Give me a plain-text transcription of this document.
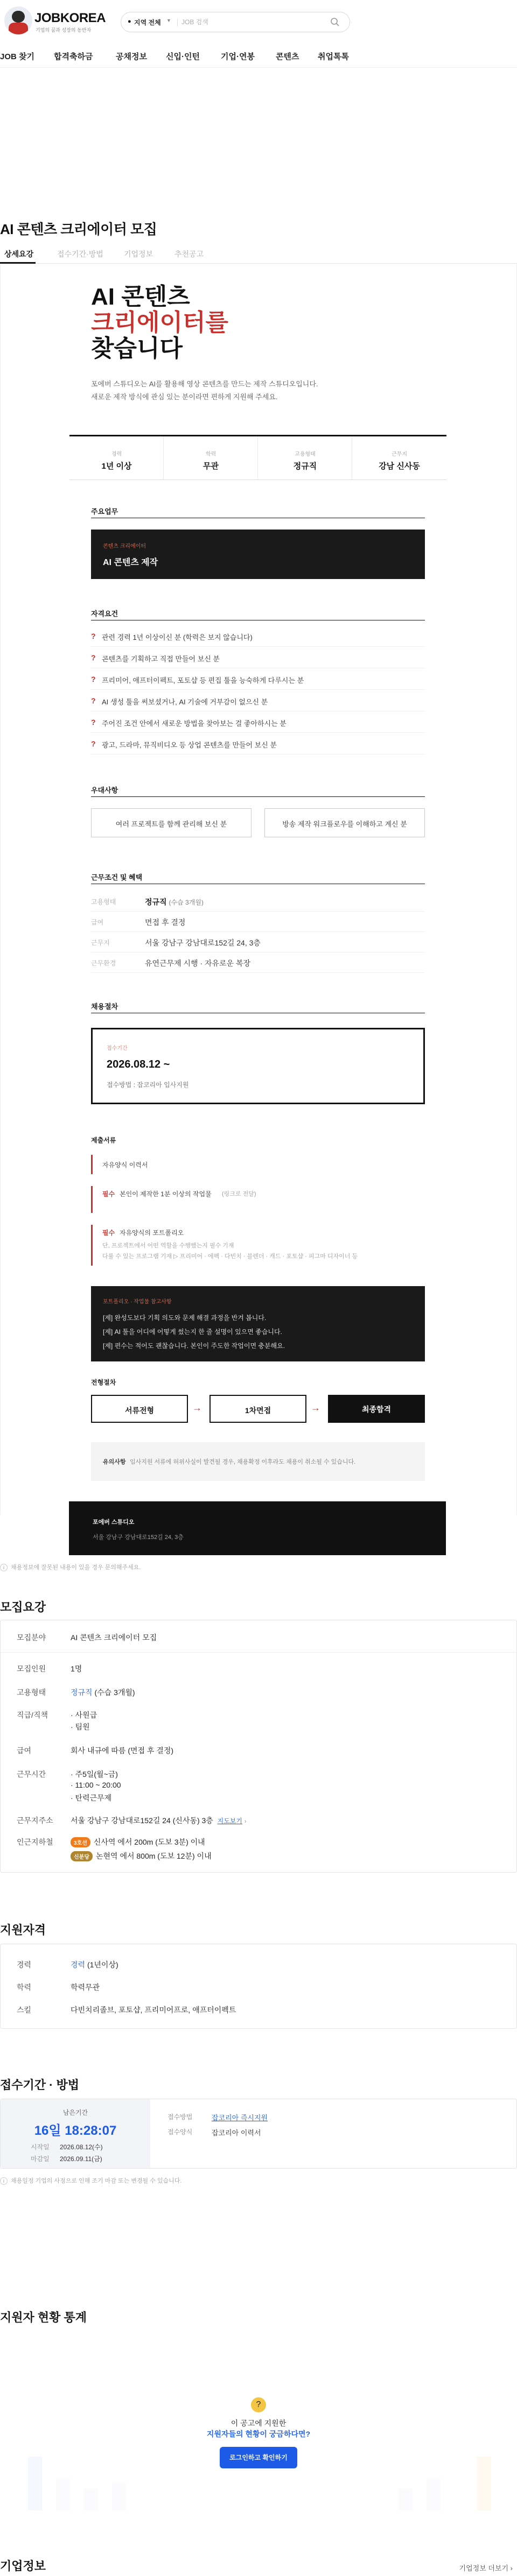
JOBKOREA
기업의 꿈과 성장의 동반자
● 지역 전체 ▼
JOB 검색
JOB 찾기 합격축하금	공채정보 신입·인턴	기업·연봉	콘텐츠 취업톡톡
AI 콘텐츠 크리에이터 모집
상세요강	접수기간·방법	기업정보	추천공고
AI 콘텐츠
크리에이터를
찾습니다
포에버 스튜디오는 AI를 활용해 영상 콘텐츠를 만드는 제작 스튜디오입니다.
새로운 제작 방식에 관심 있는 분이라면 편하게 지원해 주세요.
경력
1년 이상
학력
무관
고용형태
정규직
근무지
강남 신사동
주요업무
콘텐츠 크리에이터
AI 콘텐츠 제작
자격요건
? 관련 경력 1년 이상이신 분 (학력은 보지 않습니다)
? 콘텐츠를 기획하고 직접 만들어 보신 분
? 프리미어, 애프터이펙트, 포토샵 등 편집 툴을 능숙하게 다루시는 분
? AI 생성 툴을 써보셨거나, AI 기술에 거부감이 없으신 분
? 주어진 조건 안에서 새로운 방법을 찾아보는 걸 좋아하시는 분
? 광고, 드라마, 뮤직비디오 등 상업 콘텐츠를 만들어 보신 분
우대사항
여러 프로젝트를 함께 관리해 보신 분	방송 제작 워크플로우를 이해하고 계신 분
근무조건 및 혜택
고용형태	정규직 (수습 3개월)
급여	면접 후 결정
근무지	서울 강남구 강남대로152길 24, 3층
근무환경	유연근무제 시행 · 자유로운 복장
채용절차
접수기간
2026.08.12 ~
접수방법 : 잡코리아 입사지원
제출서류
자유양식 이력서
필수 본인이 제작한 1분 이상의 작업물 (링크로 전달)
필수 자유양식의 포트폴리오
단, 프로젝트에서 어떤 역할을 수행했는지 필수 기재
다룰 수 있는 프로그램 기재 ▷ 프리미어 · 에펙 · 다빈치 · 블렌더 · 캐드 · 포토샵 · 피그마 디자이너 등
포트폴리오 · 작업물 참고사항
[제] 완성도보다 기획 의도와 문제 해결 과정을 반겨 봅니다.
[제] AI 툴을 어디에 어떻게 썼는지 한 줄 설명이 있으면 좋습니다.
[제] 편수는 적어도 괜찮습니다. 본인이 주도한 작업이면 충분해요.
전형절차
서류전형	→	1차면접	→	최종합격
유의사항 입사지원 서류에 허위사실이 발견될 경우, 채용확정 이후라도 채용이 취소될 수 있습니다.
포에버 스튜디오
서울 강남구 강남대로152길 24, 3층
i 채용정보에 잘못된 내용이 있을 경우 문의해주세요.
모집요강
모집분야	AI 콘텐츠 크리에이터 모집
모집인원	1명
고용형태	정규직 (수습 3개월)
직급/직책	· 사원급
· 팀원
급여	회사 내규에 따름 (면접 후 결정)
근무시간	· 주5일(월~금)
· 11:00 ~ 20:00
· 탄력근무제
근무지주소 서울 강남구 강남대로152길 24 (신사동) 3층 지도보기 ›
인근지하철	3호선 신사역 에서 200m (도보 3분) 이내
신분당 논현역 에서 800m (도보 12분) 이내
지원자격
경력	경력 (1년이상)
학력	학력무관
스킬	다빈치리졸브, 포토샵, 프리미어프로, 애프터이펙트
접수기간 · 방법
남은기간
16일 18:28:07
시작일 2026.08.12(수)
마감일 2026.09.11(금)
접수방법	잡코리아 즉시지원
접수양식	잡코리아 이력서
i 채용일정 기업의 사정으로 인해 조기 마감 또는 변경될 수 있습니다.
지원자 현황 통계
?
이 공고에 지원한
지원자들의 현황이 궁금하다면?
로그인하고 확인하기
기업정보	기업정보 더보기 ›
